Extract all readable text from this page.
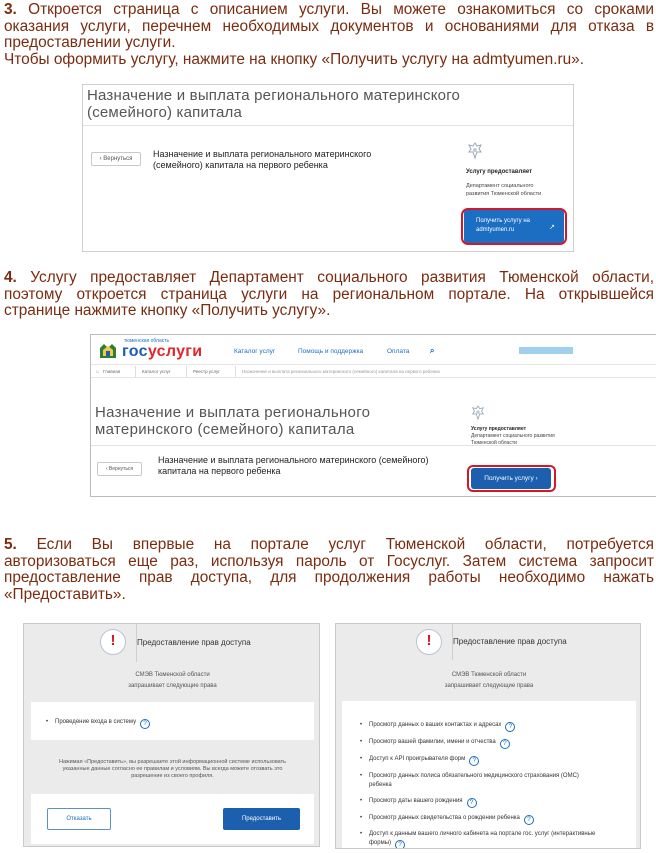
3. Откроется страница с описанием услуги. Вы можете ознакомиться со сроками
оказания услуги, перечнем необходимых документов и основаниями для отказа в
предоставлении услуги.
Чтобы оформить услугу, нажмите на кнопку «Получить услугу на admtyumen.ru».
Назначение и выплата регионального материнского
(семейного) капитала
‹ Вернуться	Назначение и выплата регионального материнского
(семейного) капитала на первого ребенка
Услугу предоставляет
Департамент социального
развития Тюменской области
Получить услугу на
admtyumen.ru	↗
4. Услугу предоставляет Департамент социального развития Тюменской области,
поэтому откроется страница услуги на региональном портале. На открывшейся
странице нажмите кнопку «Получить услугу».
тюменская область
госуслуги	Каталог услуг	Помощь и поддержка	Оплата	⌕
⌂ Главная	Каталог услуг	Реестр услуг	Назначение и выплата регионального материнского (семейного) капитала на первого ребенка
Назначение и выплата регионального
материнского (семейного) капитала	Услугу предоставляет
Департамент социального развития
Тюменской области
‹ Вернуться
Назначение и выплата регионального материнского (семейного)
капитала на первого ребенка
Получить услугу ›
5. Если Вы впервые на портале услуг Тюменской области, потребуется
авторизоваться еще раз, используя пароль от Госуслуг. Затем система запросит
предоставление прав доступа, для продолжения работы необходимо нажать
«Предоставить».
!	Предоставление прав доступа
СМЭВ Тюменской области
запрашивает следующие права
• Проведение входа в систему ?
Нажимая «Предоставить», вы разрешаете этой информационной системе использовать
указанные данные согласно ее правилам и условиям. Вы всегда можете отозвать это
разрешение из своего профиля.
Отказать	Предоставить
!	Предоставление прав доступа
СМЭВ Тюменской области
запрашивает следующие права
• Просмотр данных о ваших контактах и адресах ?
• Просмотр вашей фамилии, имени и отчества ?
• Доступ к API проигрывателя форм ?
• Просмотр данных полиса обязательного медицинского страхования (ОМС)
ребенка
• Просмотр даты вашего рождения ?
• Просмотр данных свидетельства о рождении ребенка ?
• Доступ к данным вашего личного кабинета на портале гос. услуг (интерактивные
формы) ?
